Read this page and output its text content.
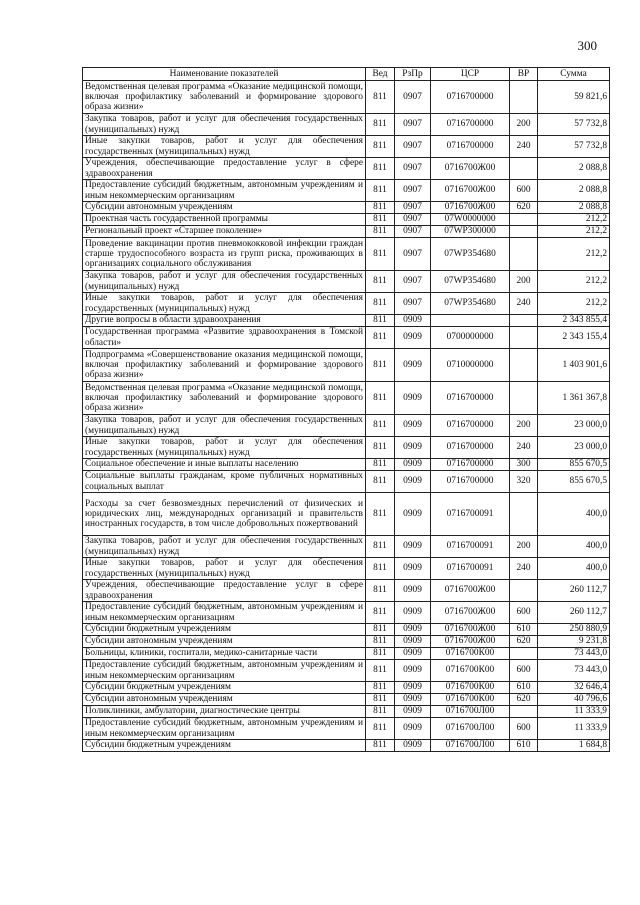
300
Наименование показателей	Вед	РзПр	ЦСР	ВР	Сумма
Ведомственная целевая программа «Оказание медицинской помощи, включая профилактику заболеваний и формирование здорового образа жизни»	811	0907	0716700000		59 821,6
Закупка товаров, работ и услуг для обеспечения государственных (муниципальных) нужд	811	0907	0716700000	200	57 732,8
Иные закупки товаров, работ и услуг для обеспечения государственных (муниципальных) нужд	811	0907	0716700000	240	57 732,8
Учреждения, обеспечивающие предоставление услуг в сфере здравоохранения	811	0907	0716700Ж00		2 088,8
Предоставление субсидий бюджетным, автономным учреждениям и иным некоммерческим организациям	811	0907	0716700Ж00	600	2 088,8
Субсидии автономным учреждениям	811	0907	0716700Ж00	620	2 088,8
Проектная часть государственной программы	811	0907	07W0000000		212,2
Региональный проект «Старшее поколение»	811	0907	07WP300000		212,2
Проведение вакцинации против пневмококковой инфекции граждан старше трудоспособного возраста из групп риска, проживающих в организациях социального обслуживания	811	0907	07WP354680		212,2
Закупка товаров, работ и услуг для обеспечения государственных (муниципальных) нужд	811	0907	07WP354680	200	212,2
Иные закупки товаров, работ и услуг для обеспечения государственных (муниципальных) нужд	811	0907	07WP354680	240	212,2
Другие вопросы в области здравоохранения	811	0909			2 343 855,4
Государственная программа «Развитие здравоохранения в Томской области»	811	0909	0700000000		2 343 155,4
Подпрограмма «Совершенствование оказания медицинской помощи, включая профилактику заболеваний и формирование здорового образа жизни»	811	0909	0710000000		1 403 901,6
Ведомственная целевая программа «Оказание медицинской помощи, включая профилактику заболеваний и формирование здорового образа жизни»	811	0909	0716700000		1 361 367,8
Закупка товаров, работ и услуг для обеспечения государственных (муниципальных) нужд	811	0909	0716700000	200	23 000,0
Иные закупки товаров, работ и услуг для обеспечения государственных (муниципальных) нужд	811	0909	0716700000	240	23 000,0
Социальное обеспечение и иные выплаты населению	811	0909	0716700000	300	855 670,5
Социальные выплаты гражданам, кроме публичных нормативных социальных выплат	811	0909	0716700000	320	855 670,5
Расходы за счет безвозмездных перечислений от физических и юридических лиц, международных организаций и правительств иностранных государств, в том числе добровольных пожертвований	811	0909	0716700091		400,0
Закупка товаров, работ и услуг для обеспечения государственных (муниципальных) нужд	811	0909	0716700091	200	400,0
Иные закупки товаров, работ и услуг для обеспечения государственных (муниципальных) нужд	811	0909	0716700091	240	400,0
Учреждения, обеспечивающие предоставление услуг в сфере здравоохранения	811	0909	0716700Ж00		260 112,7
Предоставление субсидий бюджетным, автономным учреждениям и иным некоммерческим организациям	811	0909	0716700Ж00	600	260 112,7
Субсидии бюджетным учреждениям	811	0909	0716700Ж00	610	250 880,9
Субсидии автономным учреждениям	811	0909	0716700Ж00	620	9 231,8
Больницы, клиники, госпитали, медико-санитарные части	811	0909	0716700К00		73 443,0
Предоставление субсидий бюджетным, автономным учреждениям и иным некоммерческим организациям	811	0909	0716700К00	600	73 443,0
Субсидии бюджетным учреждениям	811	0909	0716700К00	610	32 646,4
Субсидии автономным учреждениям	811	0909	0716700К00	620	40 796,6
Поликлиники, амбулатории, диагностические центры	811	0909	0716700Л00		11 333,9
Предоставление субсидий бюджетным, автономным учреждениям и иным некоммерческим организациям	811	0909	0716700Л00	600	11 333,9
Субсидии бюджетным учреждениям	811	0909	0716700Л00	610	1 684,8
